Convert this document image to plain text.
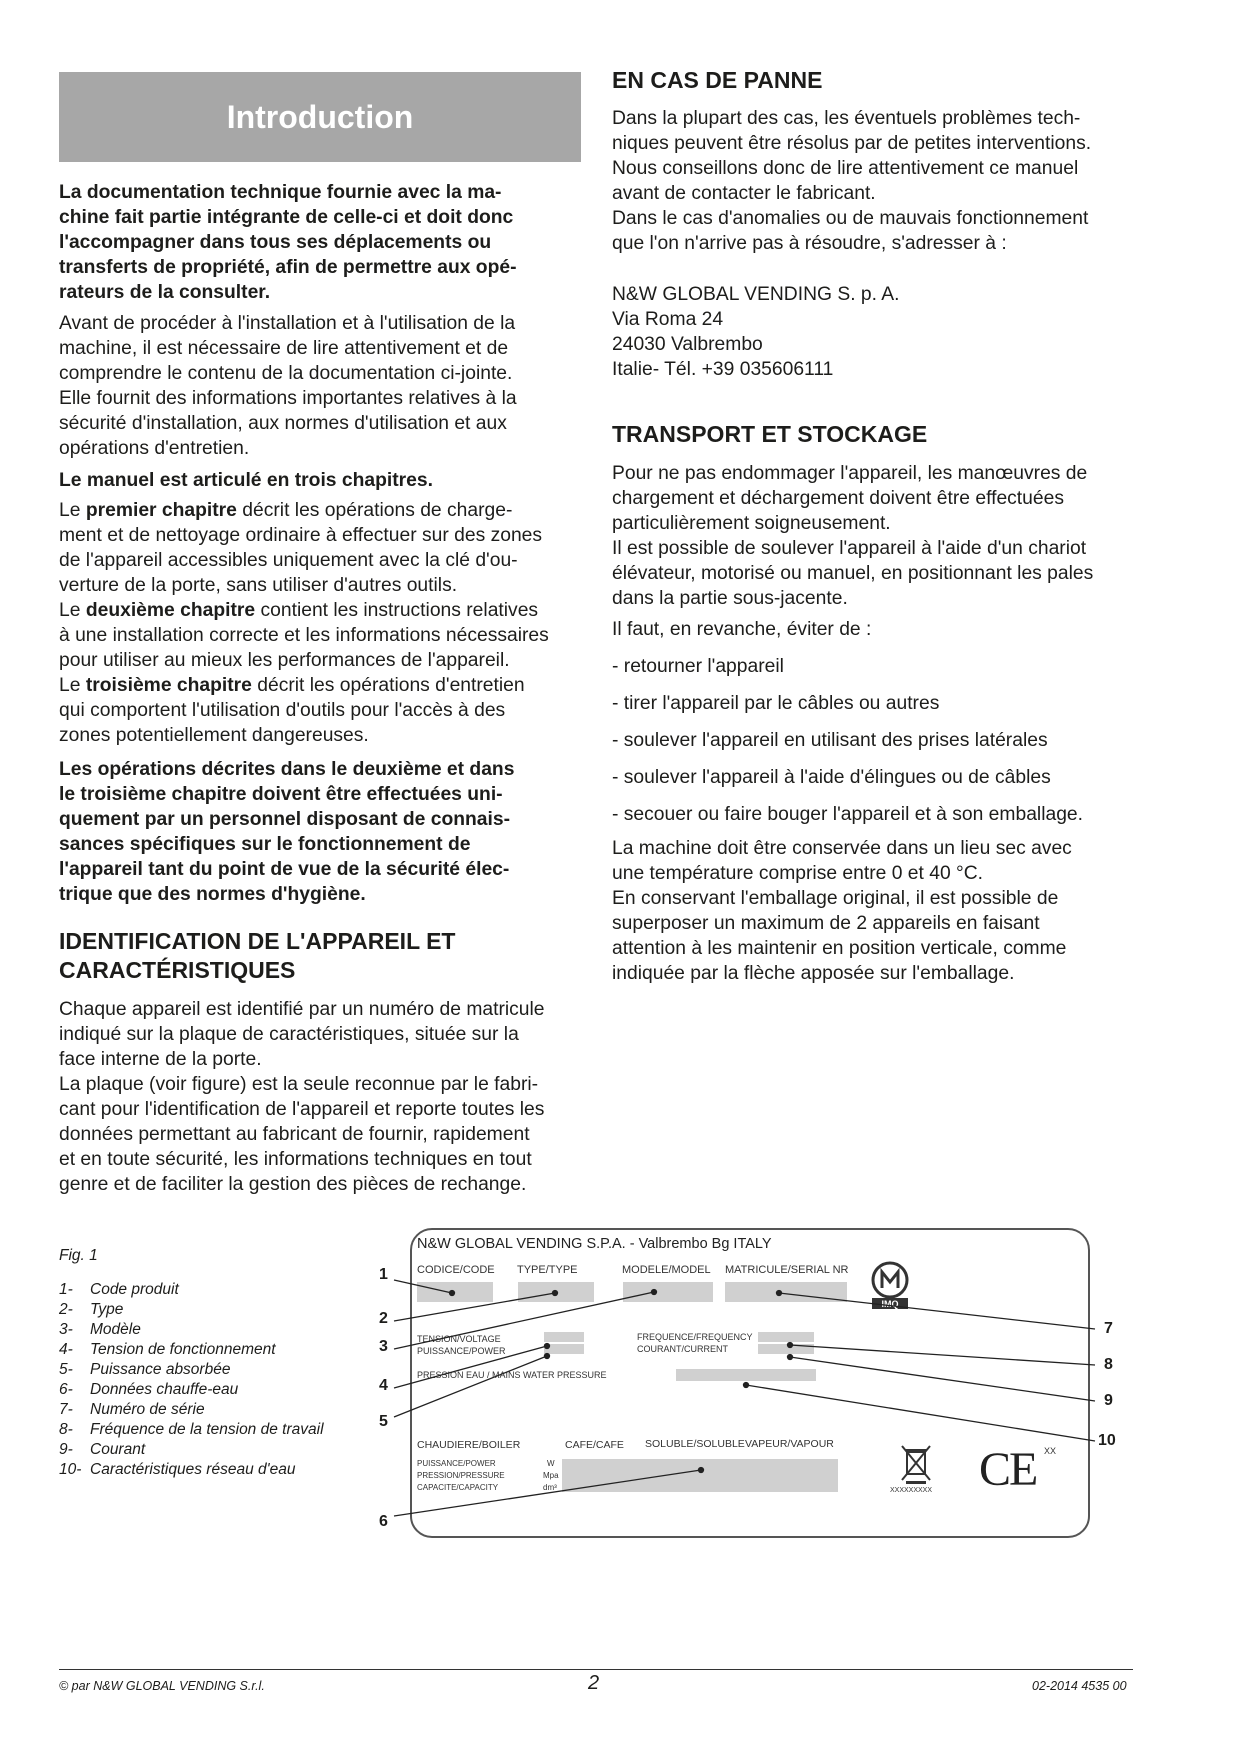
Introduction
La documentation technique fournie avec la ma-
chine fait partie intégrante de celle-ci et doit donc
l'accompagner dans tous ses déplacements ou
transferts de propriété, afin de permettre aux opé-
rateurs de la consulter.
Avant de procéder à l'installation et à l'utilisation de la
machine, il est nécessaire de lire attentivement et de
comprendre le contenu de la documentation ci-jointe.
Elle fournit des informations importantes relatives à la
sécurité d'installation, aux normes d'utilisation et aux
opérations d'entretien.
Le manuel est articulé en trois chapitres.
Le premier chapitre décrit les opérations de charge-
ment et de nettoyage ordinaire à effectuer sur des zones
de l'appareil accessibles uniquement avec la clé d'ou-
verture de la porte, sans utiliser d'autres outils.
Le deuxième chapitre contient les instructions relatives
à une installation correcte et les informations nécessaires
pour utiliser au mieux les performances de l'appareil.
Le troisième chapitre décrit les opérations d'entretien
qui comportent l'utilisation d'outils pour l'accès à des
zones potentiellement dangereuses.
Les opérations décrites dans le deuxième et dans
le troisième chapitre doivent être effectuées uni-
quement par un personnel disposant de connais-
sances spécifiques sur le fonctionnement de
l'appareil tant du point de vue de la sécurité élec-
trique que des normes d'hygiène.
IDENTIFICATION DE L'APPAREIL ET
CARACTÉRISTIQUES
Chaque appareil est identifié par un numéro de matricule
indiqué sur la plaque de caractéristiques, située sur la
face interne de la porte.
La plaque (voir figure) est la seule reconnue par le fabri-
cant pour l'identification de l'appareil et reporte toutes les
données permettant au fabricant de fournir, rapidement
et en toute sécurité, les informations techniques en tout
genre et de faciliter la gestion des pièces de rechange.
EN CAS DE PANNE
Dans la plupart des cas, les éventuels problèmes tech-
niques peuvent être résolus par de petites interventions.
Nous conseillons donc de lire attentivement ce manuel
avant de contacter le fabricant.
Dans le cas d'anomalies ou de mauvais fonctionnement
que l'on n'arrive pas à résoudre, s'adresser à :
N&W GLOBAL VENDING S. p. A.
Via Roma 24
24030 Valbrembo
Italie- Tél. +39 035606111
TRANSPORT ET STOCKAGE
Pour ne pas endommager l'appareil, les manœuvres de
chargement et déchargement doivent être effectuées
particulièrement soigneusement.
Il est possible de soulever l'appareil à l'aide d'un chariot
élévateur, motorisé ou manuel, en positionnant les pales
dans la partie sous-jacente.
Il faut, en revanche, éviter de :
- retourner l'appareil
- tirer l'appareil par le câbles ou autres
- soulever l'appareil en utilisant des prises latérales
- soulever l'appareil à l'aide d'élingues ou de câbles
- secouer ou faire bouger l'appareil et à son emballage.
La machine doit être conservée dans un lieu sec avec
une température comprise entre 0 et 40 °C.
En conservant l'emballage original, il est possible de
superposer un maximum de 2 appareils en faisant
attention à les maintenir en position verticale, comme
indiquée par la flèche apposée sur l'emballage.
Fig. 1
1- Code produit
2- Type
3- Modèle
4- Tension de fonctionnement
5- Puissance absorbée
6- Données chauffe-eau
7- Numéro de série
8- Fréquence de la tension de travail
9- Courant
10- Caractéristiques réseau d'eau
N&W GLOBAL VENDING S.P.A. - Valbrembo Bg ITALY
CODICE/CODE TYPE/TYPE	MODELE/MODEL MATRICULE/SERIAL NR
IMQ
TENSION/VOLTAGE
PUISSANCE/POWER
FREQUENCE/FREQUENCY
COURANT/CURRENT
PRESSION EAU / MAINS WATER PRESSURE
CHAUDIERE/BOILER	CAFE/CAFE SOLUBLE/SOLUBLE VAPEUR/VAPOUR
PUISSANCE/POWER
PRESSION/PRESSURE
CAPACITE/CAPACITY
W
Mpa
dm³	XXXXXXXXX CE XX
1
2
3
4
5
6
7
8
9
10
© par N&W GLOBAL VENDING S.r.l.	2	02-2014 4535 00
